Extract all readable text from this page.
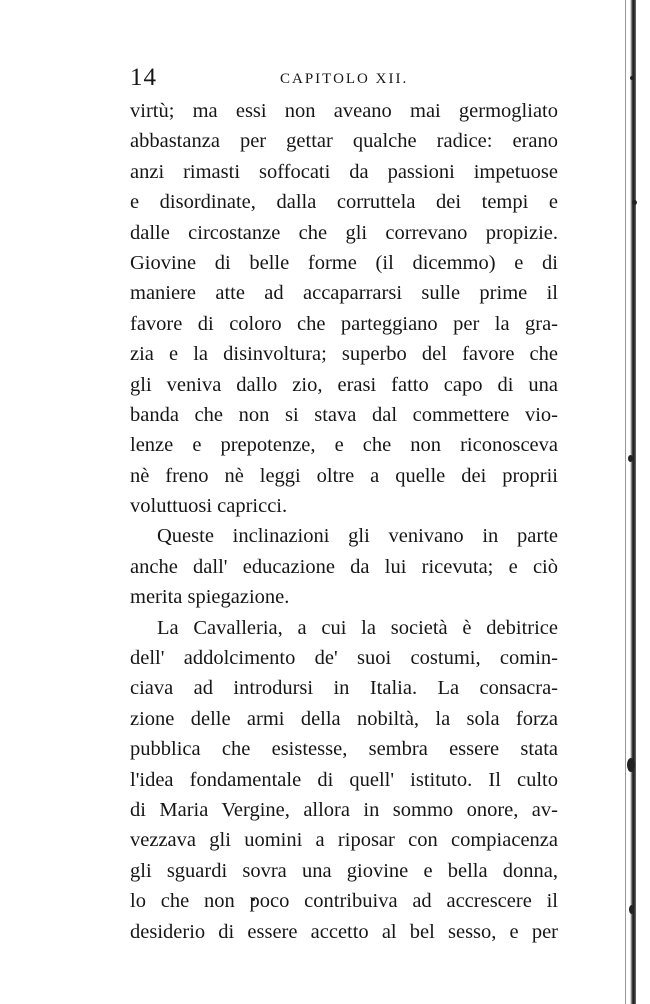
14	CAPITOLO XII.
virtù; ma essi non aveano mai germogliato
abbastanza per gettar qualche radice: erano
anzi rimasti soffocati da passioni impetuose
e disordinate, dalla corruttela dei tempi e
dalle circostanze che gli correvano propizie.
Giovine di belle forme (il dicemmo) e di
maniere atte ad accaparrarsi sulle prime il
favore di coloro che parteggiano per la gra-
zia e la disinvoltura; superbo del favore che
gli veniva dallo zio, erasi fatto capo di una
banda che non si stava dal commettere vio-
lenze e prepotenze, e che non riconosceva
nè freno nè leggi oltre a quelle dei proprii
voluttuosi capricci.
Queste inclinazioni gli venivano in parte
anche dall' educazione da lui ricevuta; e ciò
merita spiegazione.
La Cavalleria, a cui la società è debitrice
dell' addolcimento de' suoi costumi, comin-
ciava ad introdursi in Italia. La consacra-
zione delle armi della nobiltà, la sola forza
pubblica che esistesse, sembra essere stata
l'idea fondamentale di quell' istituto. Il culto
di Maria Vergine, allora in sommo onore, av-
vezzava gli uomini a riposar con compiacenza
gli sguardi sovra una giovine e bella donna,
lo che non poco contribuiva ad accrescere il
desiderio di essere accetto al bel sesso, e per
